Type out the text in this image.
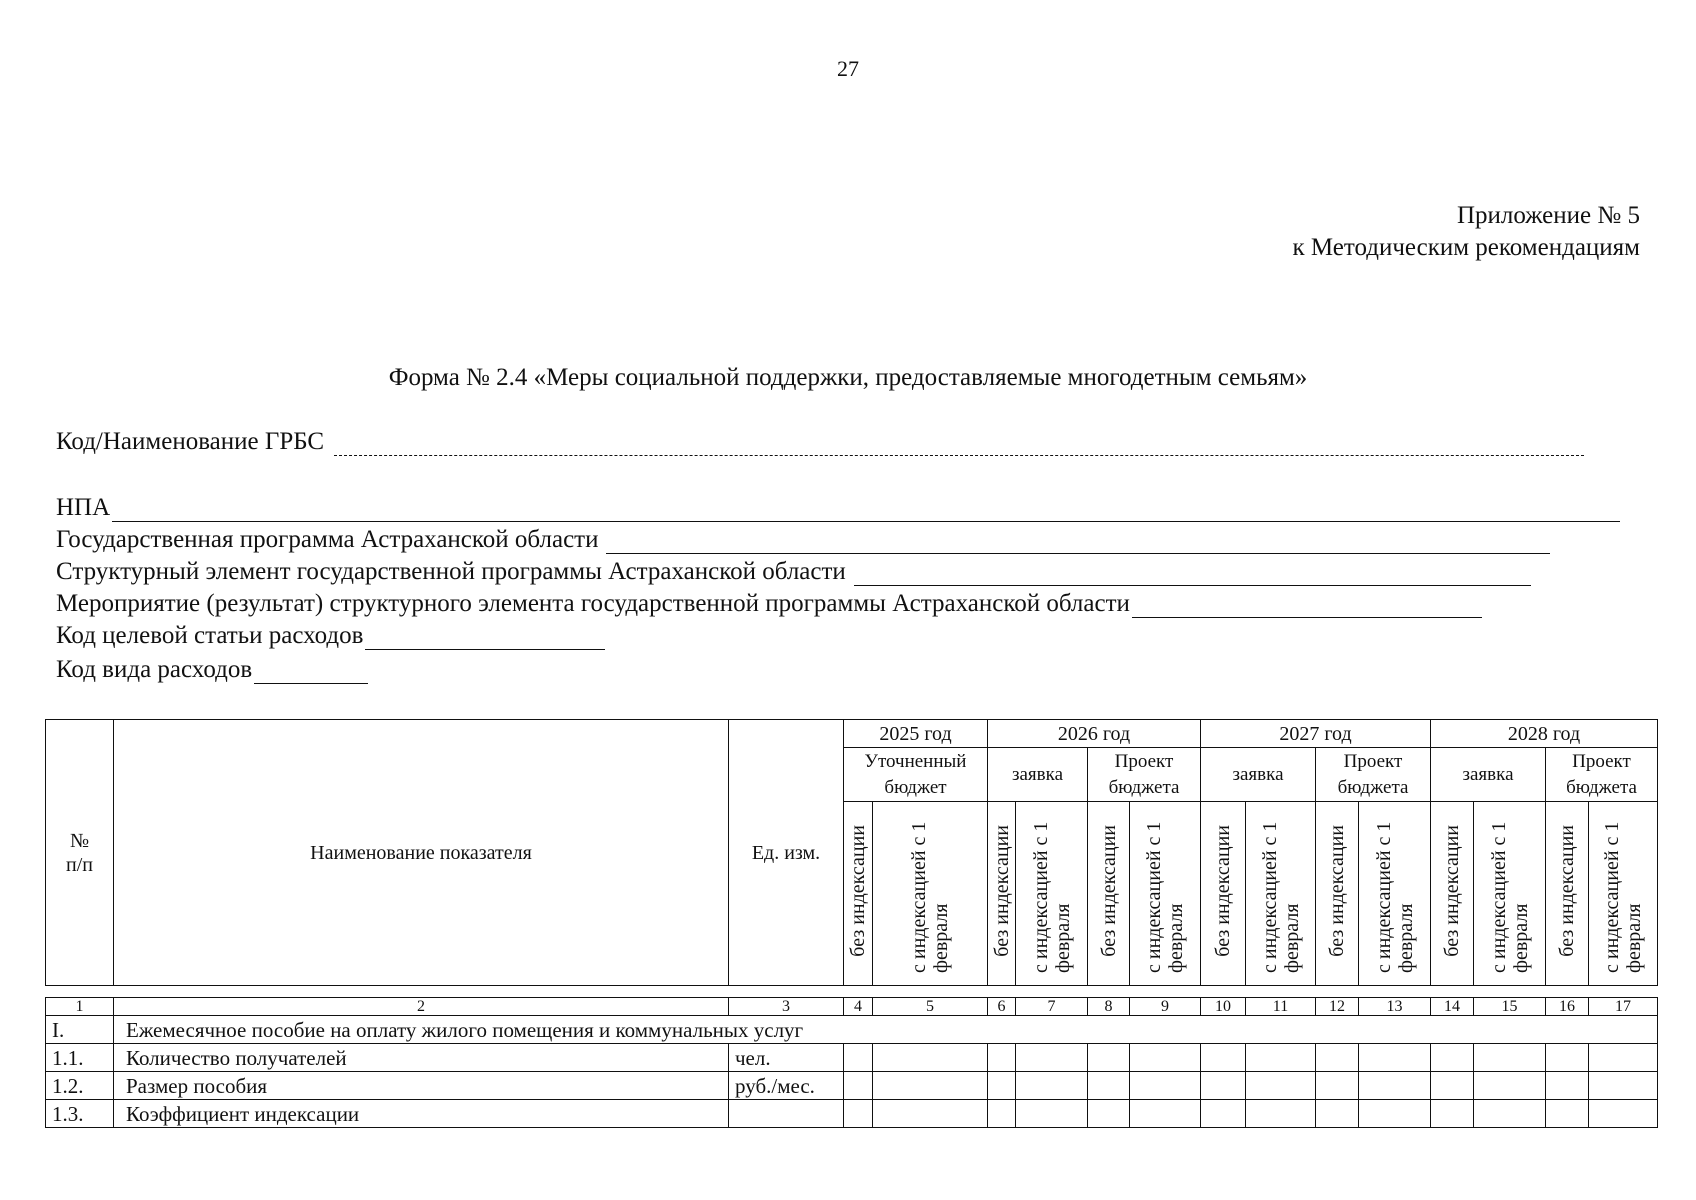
27
Приложение № 5
к Методическим рекомендациям
Форма № 2.4 «Меры социальной поддержки, предоставляемые многодетным семьям»
Код/Наименование ГРБС
НПА
Государственная программа Астраханской области
Структурный элемент государственной программы Астраханской области
Мероприятие (результат) структурного элемента государственной программы Астраханской области
Код целевой статьи расходов
Код вида расходов
№
п/п	Наименование показателя	Ед. изм.	2025 год		2026 год				2027 год				2028 год			
			Уточненный бюджет		заявка		Проект бюджета		заявка		Проект бюджета		заявка		Проект бюджета	
			без индексации	с индексацией с 1 февраля	без индексации	с индексацией с 1 февраля	без индексации	с индексацией с 1 февраля	без индексации	с индексацией с 1 февраля	без индексации	с индексацией с 1 февраля	без индексации	с индексацией с 1 февраля	без индексации	с индексацией с 1 февраля
1	2	3	4	5	6	7	8	9	10	11	12	13	14	15	16	17
I.	Ежемесячное пособие на оплату жилого помещения и коммунальных услуг															
1.1.	Количество получателей	чел.														
1.2.	Размер пособия	руб./мес.														
1.3.	Коэффициент индексации															
